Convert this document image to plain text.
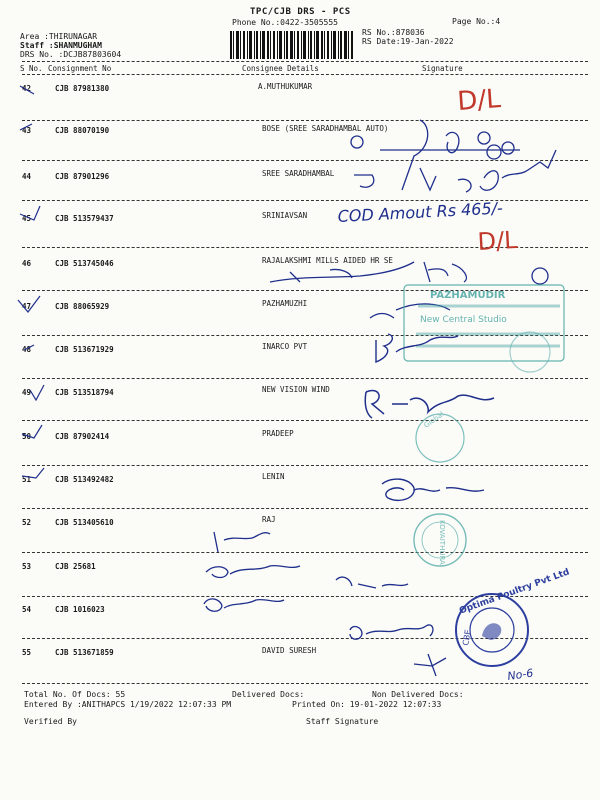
TPC/CJB DRS - PCS
Phone No.:0422-3505555	Page No.:4
RS No.:878036
RS Date:19-Jan-2022
Area :THIRUNAGAR
Staff :SHANMUGHAM
DRS No. :DCJB87803604
S No. Consignment No	Consignee Details	Signature
42	CJB 87981380	A.MUTHUKUMAR
43	CJB 88070190	BOSE (SREE SARADHAMBAL AUTO)
44	CJB 87901296	SREE SARADHAMBAL
45	CJB 513579437	SRINIAVSAN
46	CJB 513745046	RAJALAKSHMI MILLS AIDED HR SE
47	CJB 88065929	PAZHAMUZHI
48	CJB 513671929	INARCO PVT
49	CJB 513518794	NEW VISION WIND
50	CJB 87902414	PRADEEP
51	CJB 513492482	LENIN
52	CJB 513405610	RAJ
53	CJB 25681
54	CJB 1016023
55	CJB 513671859	DAVID SURESH
Total No. Of Docs: 55	Delivered Docs:	Non Delivered Docs:
Entered By :ANITHAPCS 1/19/2022 12:07:33 PM	Printed On: 19-01-2022 12:07:33
Verified By	Staff Signature
D/L
D/L
COD Amout Rs 465/-
PAZHAMUDIR
New Central Studio
Global
KOVAITHURAI
No-6
Optima Poultry Pvt Ltd
CBE
